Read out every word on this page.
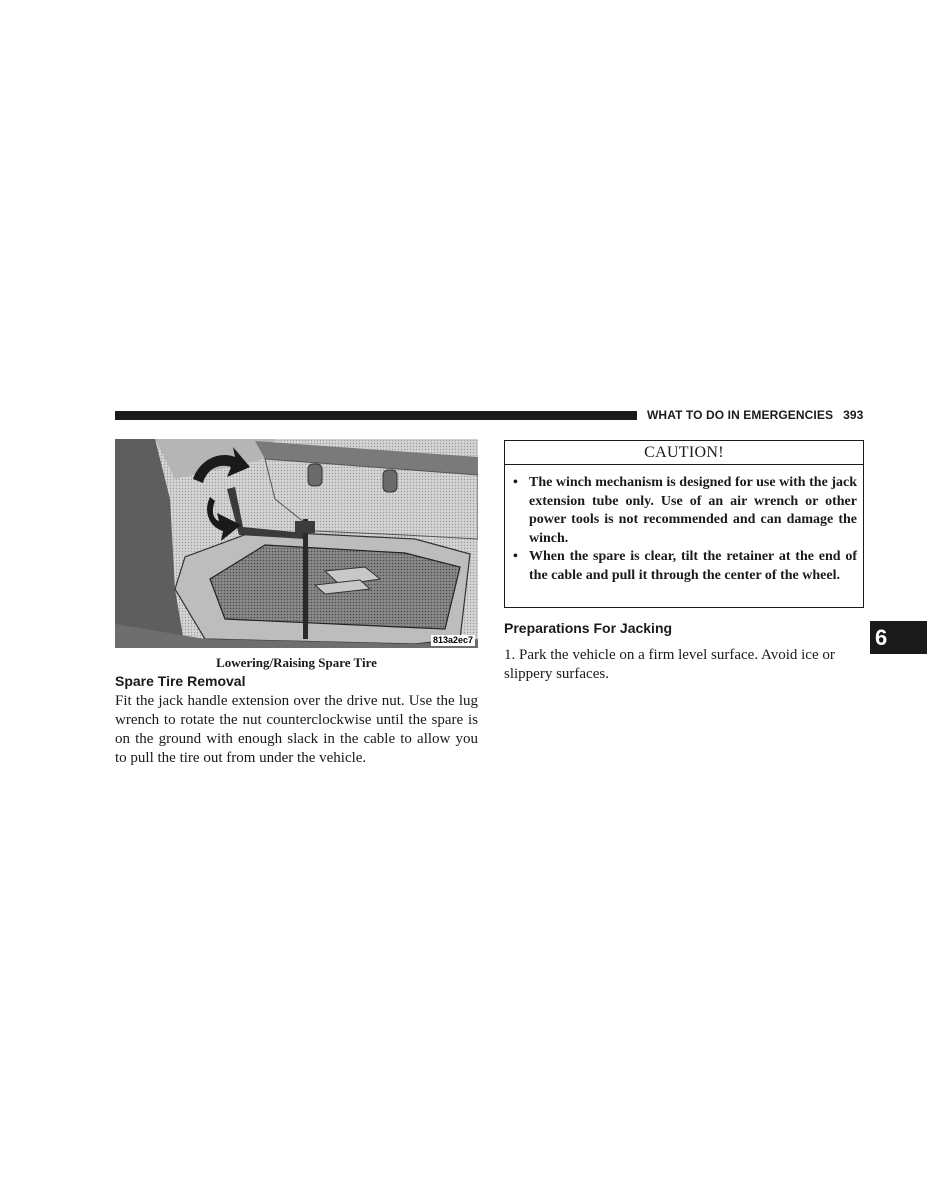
WHAT TO DO IN EMERGENCIES 393
813a2ec7
Lowering/Raising Spare Tire
Spare Tire Removal
Fit the jack handle extension over the drive nut. Use the lug wrench to rotate the nut counterclockwise until the spare is on the ground with enough slack in the cable to allow you to pull the tire out from under the vehicle.
CAUTION!
• The winch mechanism is designed for use with the jack extension tube only. Use of an air wrench or other power tools is not recommended and can damage the winch.
• When the spare is clear, tilt the retainer at the end of the cable and pull it through the center of the wheel.
Preparations For Jacking
1. Park the vehicle on a firm level surface. Avoid ice or slippery surfaces.
6
